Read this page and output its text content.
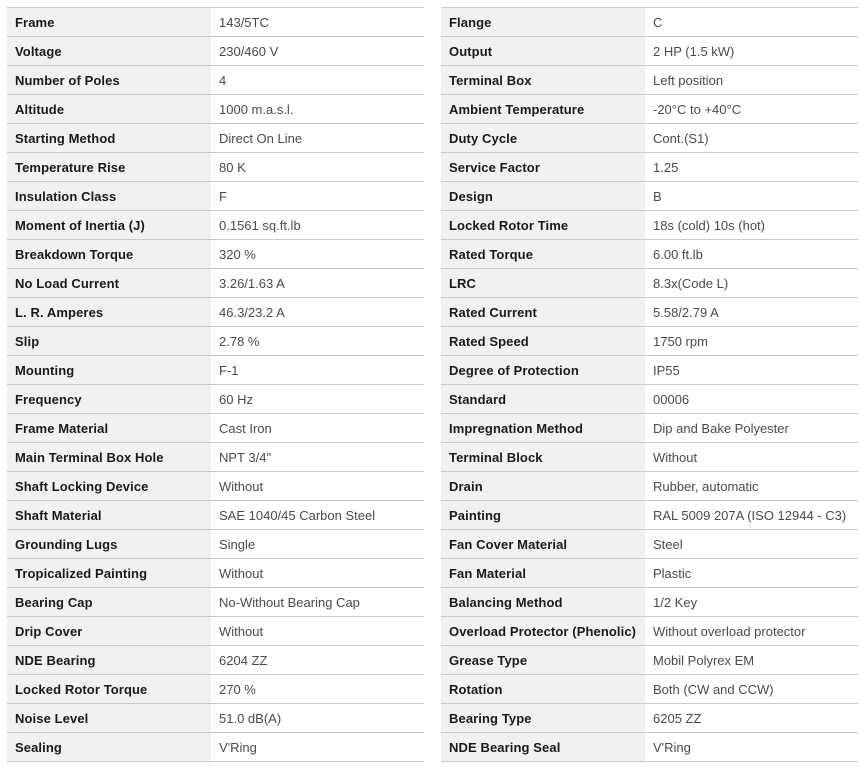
Frame	143/5TC
Voltage	230/460 V
Number of Poles	4
Altitude	1000 m.a.s.l.
Starting Method	Direct On Line
Temperature Rise	80 K
Insulation Class	F
Moment of Inertia (J)	0.1561 sq.ft.lb
Breakdown Torque	320 %
No Load Current	3.26/1.63 A
L. R. Amperes	46.3/23.2 A
Slip	2.78 %
Mounting	F-1
Frequency	60 Hz
Frame Material	Cast Iron
Main Terminal Box Hole	NPT 3/4"
Shaft Locking Device	Without
Shaft Material	SAE 1040/45 Carbon Steel
Grounding Lugs	Single
Tropicalized Painting	Without
Bearing Cap	No-Without Bearing Cap
Drip Cover	Without
NDE Bearing	6204 ZZ
Locked Rotor Torque	270 %
Noise Level	51.0 dB(A)
Sealing	V'Ring
Flange	C
Output	2 HP (1.5 kW)
Terminal Box	Left position
Ambient Temperature	-20°C to +40°C
Duty Cycle	Cont.(S1)
Service Factor	1.25
Design	B
Locked Rotor Time	18s (cold) 10s (hot)
Rated Torque	6.00 ft.lb
LRC	8.3x(Code L)
Rated Current	5.58/2.79 A
Rated Speed	1750 rpm
Degree of Protection	IP55
Standard	00006
Impregnation Method	Dip and Bake Polyester
Terminal Block	Without
Drain	Rubber, automatic
Painting	RAL 5009 207A (ISO 12944 - C3)
Fan Cover Material	Steel
Fan Material	Plastic
Balancing Method	1/2 Key
Overload Protector (Phenolic)	Without overload protector
Grease Type	Mobil Polyrex EM
Rotation	Both (CW and CCW)
Bearing Type	6205 ZZ
NDE Bearing Seal	V'Ring
